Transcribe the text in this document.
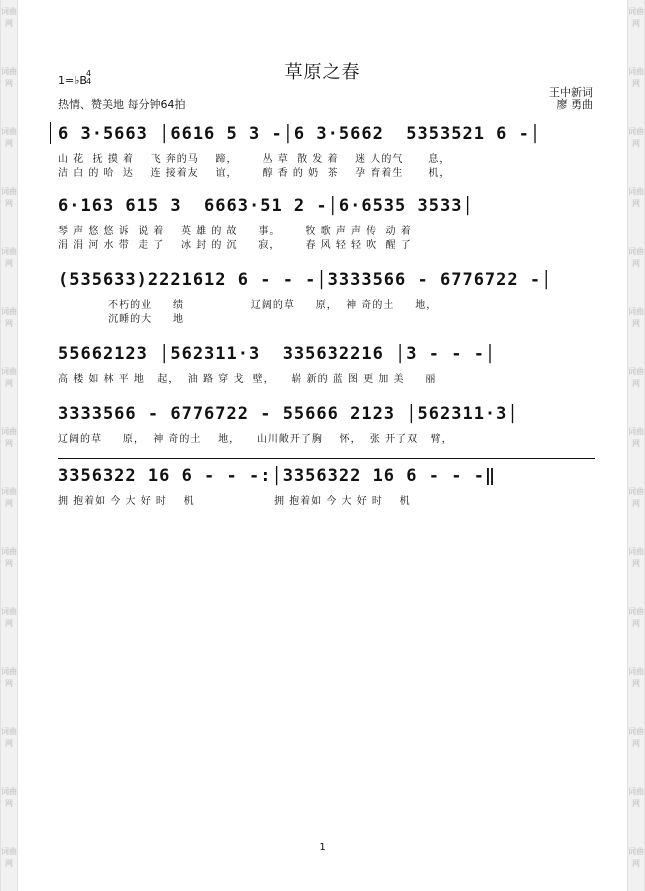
词曲网
词曲网
词曲网
词曲网
词曲网
词曲网
词曲网
词曲网
词曲网
词曲网
词曲网
词曲网
词曲网
词曲网
词曲网
词曲网
词曲网
词曲网
词曲网
词曲网
词曲网
词曲网
词曲网
词曲网
词曲网
词曲网
词曲网
词曲网
词曲网
词曲网
草原之春
1=♭B
4
4
热情、赞美地 每分钟64拍
王中新词
廖 勇曲
6 3·5663 │6616 5 3 -│6 3·5662  5353521 6 -│
山 花  抚 摸 着    飞 奔的马    蹄，      丛 草  散 发 着    迷 人的气      息，
洁 白 的 哈  达    连 接着友    谊，      醇 香 的 奶  茶    孕 育着生      机，
6·163 615 3  6663·51 2 -│6·6535 3533│
琴 声 悠 悠 诉  说 着    英 雄 的 故     事。      牧 歌 声 声 传  动 着
涓 涓 河 水 带  走 了    冰 封 的 沉     寂，      春 风 轻 轻 吹  醒 了
(535633)2221612 6 - - -│3333566 - 6776722 -│
不朽的业     绩                辽阔的草     原，  神 奇的土     地，
沉睡的大     地
55662123 │562311·3  335632216 │3 - - -│
高 楼 如 林 平 地   起，  油 路 穿 戈  壁，    崭 新的 蓝 图 更 加 美     丽
3333566 - 6776722 - 55666 2123 │562311·3│
辽阔的草     原，  神 奇的土    地，    山川敞开了胸    怀，  张 开了双   臂，
3356322 16 6 - - -:│3356322 16 6 - - -‖
拥 抱着如 今 大 好 时    机                   拥 抱着如 今 大 好 时    机
1
